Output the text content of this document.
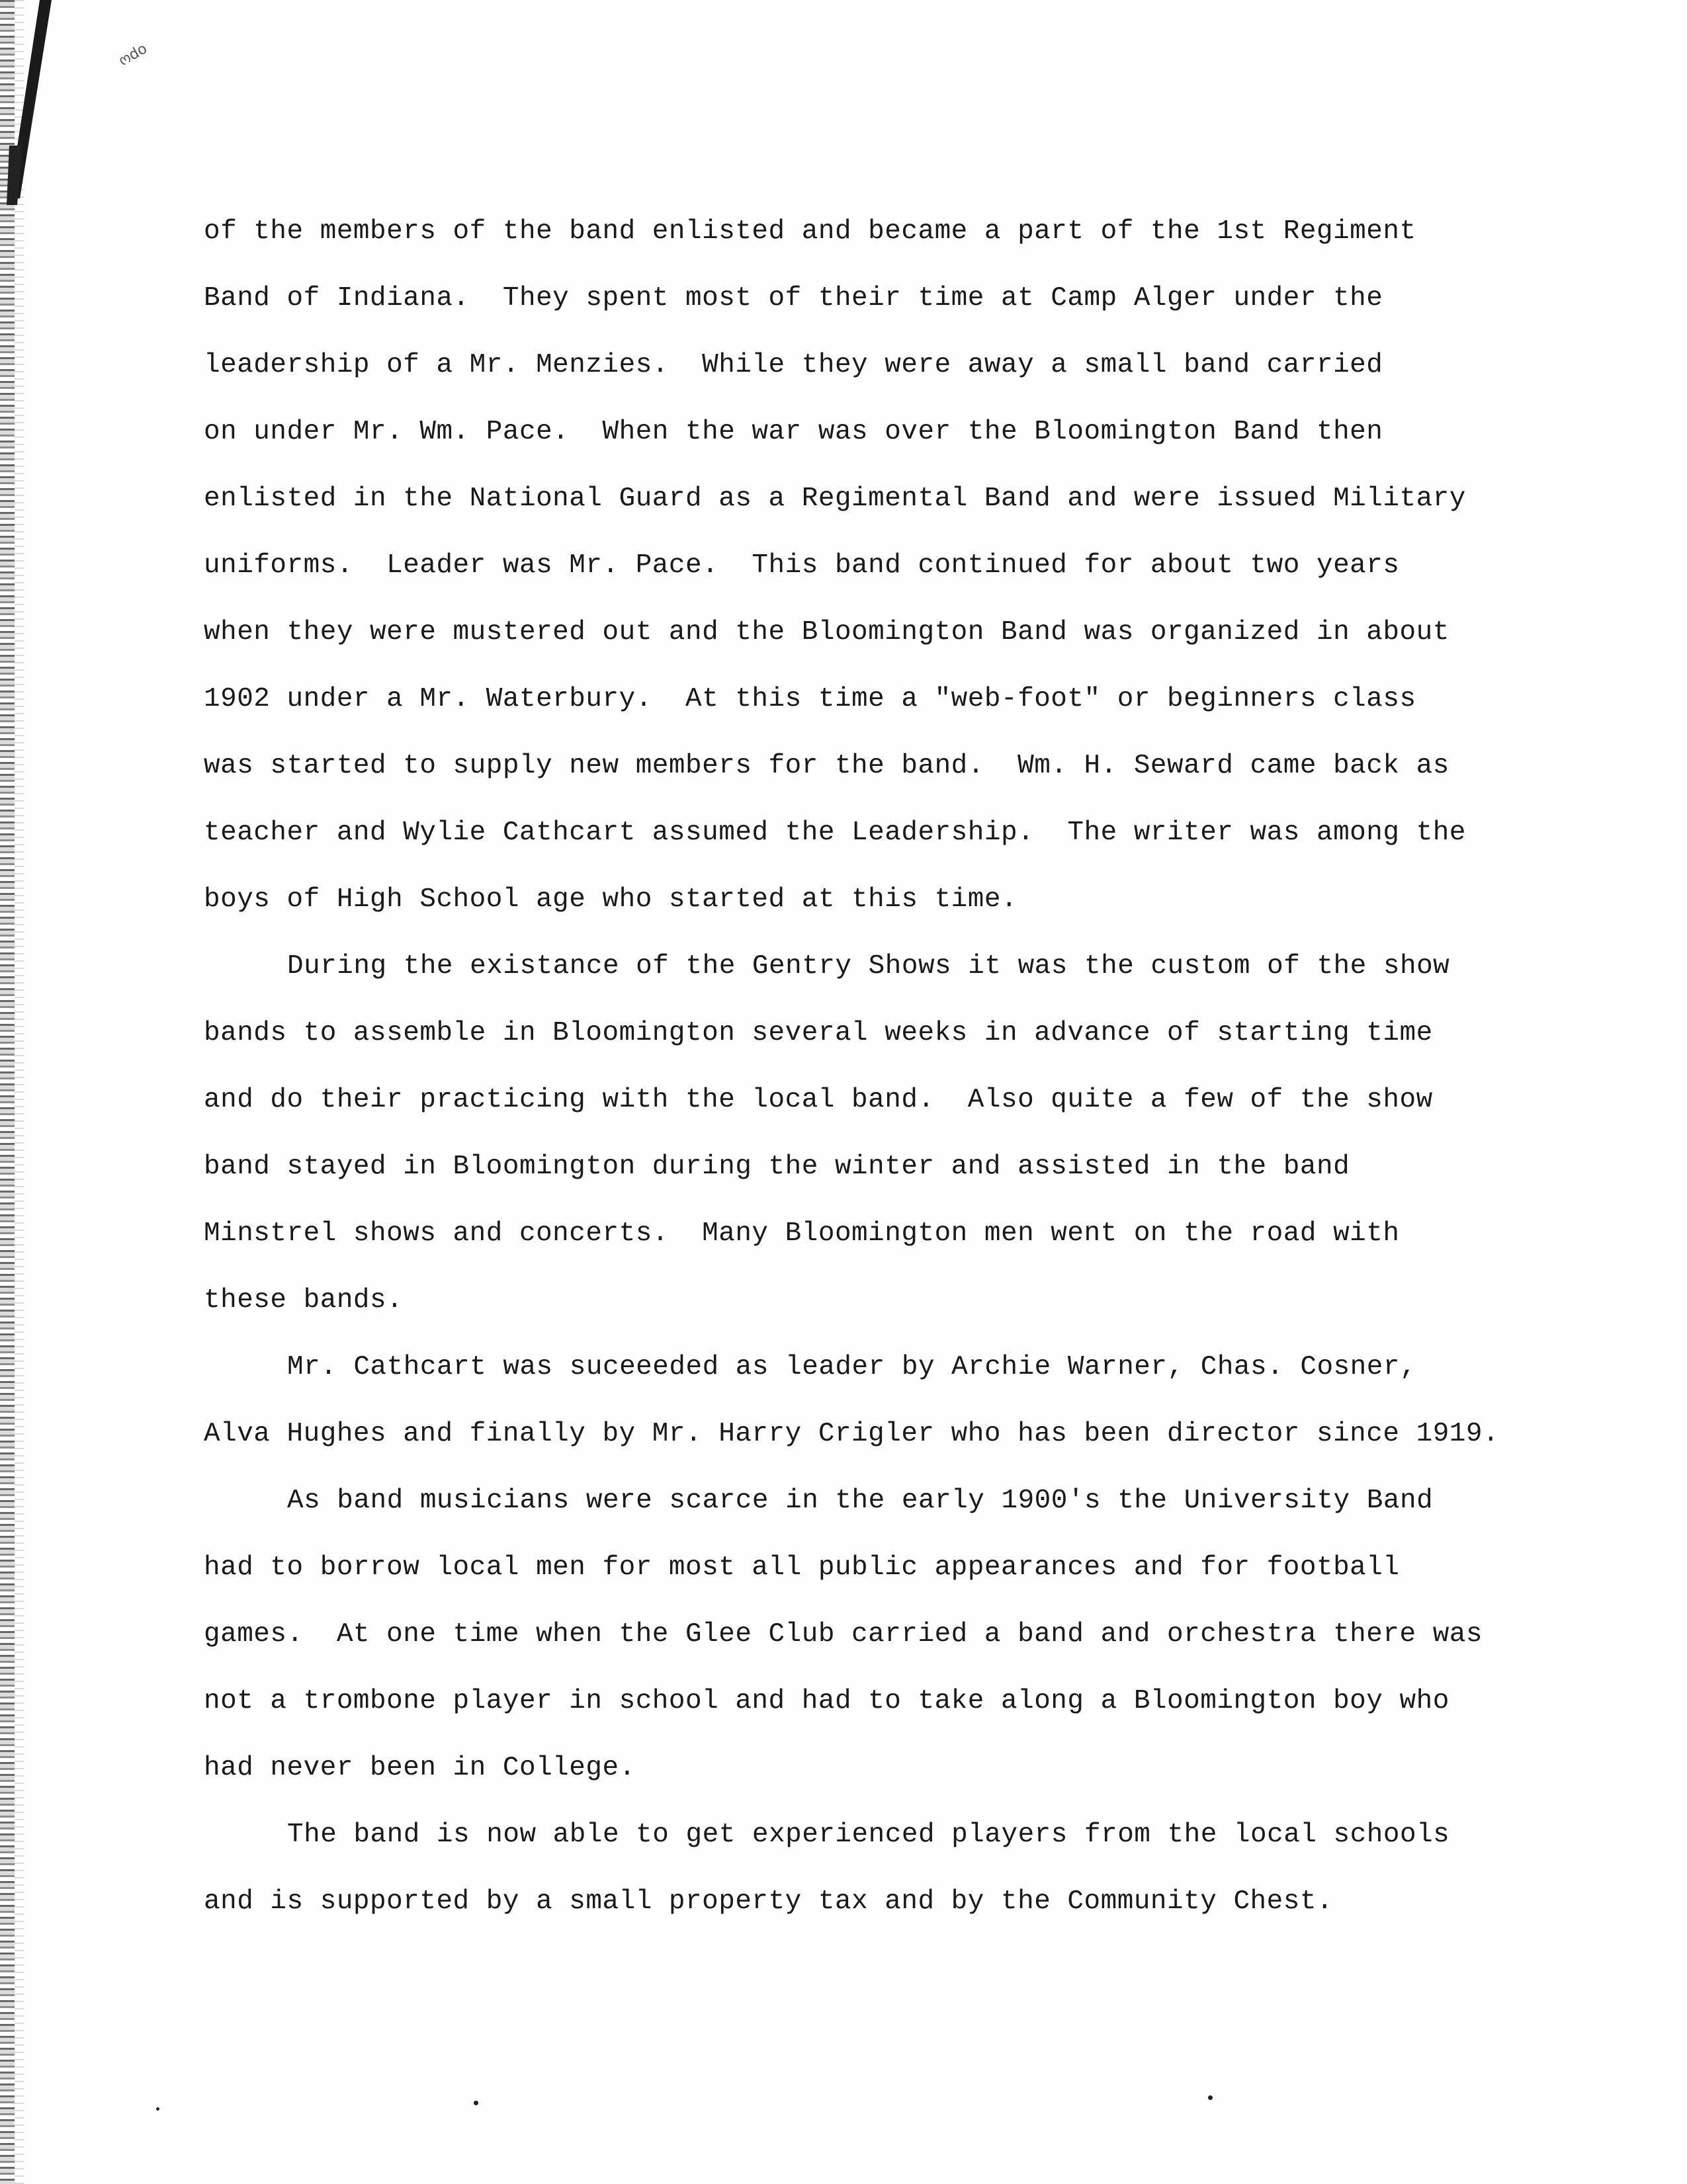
ოdo
of the members of the band enlisted and became a part of the 1st Regiment
Band of Indiana.  They spent most of their time at Camp Alger under the
leadership of a Mr. Menzies.  While they were away a small band carried
on under Mr. Wm. Pace.  When the war was over the Bloomington Band then
enlisted in the National Guard as a Regimental Band and were issued Military
uniforms.  Leader was Mr. Pace.  This band continued for about two years
when they were mustered out and the Bloomington Band was organized in about
1902 under a Mr. Waterbury.  At this time a "web-foot" or beginners class
was started to supply new members for the band.  Wm. H. Seward came back as
teacher and Wylie Cathcart assumed the Leadership.  The writer was among the
boys of High School age who started at this time.
During the existance of the Gentry Shows it was the custom of the show
bands to assemble in Bloomington several weeks in advance of starting time
and do their practicing with the local band.  Also quite a few of the show
band stayed in Bloomington during the winter and assisted in the band
Minstrel shows and concerts.  Many Bloomington men went on the road with
these bands.
Mr. Cathcart was suceeeded as leader by Archie Warner, Chas. Cosner,
Alva Hughes and finally by Mr. Harry Crigler who has been director since 1919.
As band musicians were scarce in the early 1900's the University Band
had to borrow local men for most all public appearances and for football
games.  At one time when the Glee Club carried a band and orchestra there was
not a trombone player in school and had to take along a Bloomington boy who
had never been in College.
The band is now able to get experienced players from the local schools
and is supported by a small property tax and by the Community Chest.
